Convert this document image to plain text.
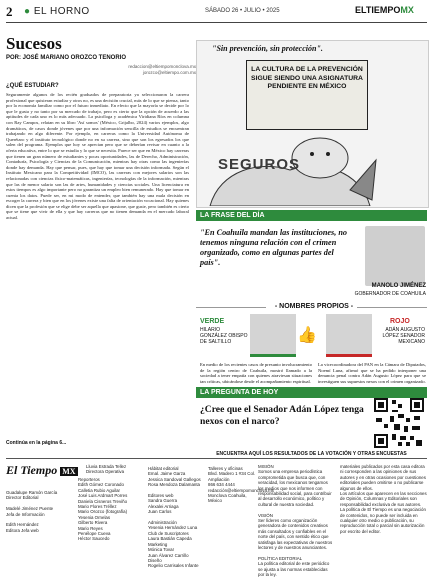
2 ● EL HORNO	SÁBADO 26 • JULIO • 2025	ELTIEMPOMX
Sucesos
POR: JOSÉ MARIANO OROZCO TENORIO
redaccion@eltiempomonclova.mx
jorozco@eltiempo.com.mx
¿QUÉ ESTUDIAR?
Seguramente algunos de los recién graduados de preparatoria ya seleccionaron la carrera profesional que quisieran estudiar y otros no, es una decisión crucial, más de lo que se piensa, tanto por la economía familiar como por el futuro inmediato. En efecto que la mayoría se decide por lo que le gusta y no tanto por su mercado de trabajo, pero es cierto que la opción de acuerdo a las aptitudes de cada uno es lo más adecuado. La psicóloga y académica Viridiana Ríos en columna con Ray Campos, relatan en su libro 'Así somos' (México, Grijalbo, 2024) varios ejemplos, algo dramáticos, de casos donde jóvenes que por una información sencilla de estudios se encuentran trabajando en algo diferente. Por ejemplo, en carreras como la Universidad Autónoma de Querétaro y el instituto tecnológico donde no en su carrera, sino que son los egresados los que salen del programa. Ejemplos que hoy se aprecian pero que se deberían revisar en cuanto a la oferta educativa, entre lo que se estudia y lo que se necesita. Parece ser que en México hay carreras que tienen un gran número de estudiantes y pocas oportunidades, las de Derecho, Administración, Contaduría, Psicología y Ciencias de la Comunicación, mientras hay otras como las ingenierías donde hay demanda. Hay que pensar, pues, que hay que tomar una decisión informada. Según el Instituto Mexicano para la Competitividad (IMCO), las carreras con mejores salarios son las relacionadas con ciencias físico-matemáticas, ingenierías, tecnologías de la información, mientras que las de menor salario son las de artes, humanidades y ciencias sociales. Una licenciatura en estos tiempos es algo importante pero no garantiza un empleo bien remunerado. Hay que tomar en cuenta los datos. Puede ser, en mi modo de entender, que también hay una mala decisión en escoger la carrera y bien que en los jóvenes existe una falta de orientación vocacional. Hay quienes dicen que la profesión que se elige debe ser aquella que apasione, que guste, pero también es cierto que se tiene que vivir de ella y que hay carreras que no tienen demanda en el mercado laboral actual.
Continúa en la página 6...
"Sin prevención, sin protección".
LA CULTURA DE LA PREVENCIÓN SIGUE SIENDO UNA ASIGNATURA PENDIENTE EN MÉXICO
SEGUROS
LA FRASE DEL DÍA
"En Coahuila mandan las instituciones, no tenemos ninguna relación con el crimen organizado, como en algunas partes del país".
MANOLO JIMÉNEZ
GOBERNADOR DE COAHUILA
- NOMBRES PROPIOS -
VERDE
HILARIO GONZÁLEZ OBISPO DE SALTILLO	👍
ROJO
ADÁN AUGUSTO LÓPEZ SENADOR MEXICANO
En medio de los recientes casos de presunto involucramiento de la región centro de Coahuila, mostró llamado a la sociedad a tener empatía con quienes atraviesan situaciones tan críticas, ubicándose desde el acompañamiento espiritual.
La vicecoordinadora del PAN en la Cámara de Diputados, Noemí Luna, afirmó que se ha pedido interponer una denuncia penal contra Adán Augusto López para que se investiguen sus supuestos nexos con el crimen organizado.
LA PREGUNTA DE HOY
¿Cree que el Senador Adán López tenga nexos con el narco?
ENCUENTRA AQUÍ LOS RESULTADOS DE LA VOTACIÓN Y OTRAS ENCUESTAS
El Tiempo MX
Guadalupe Ramón García
Director Editorial

Madelé Jiménez Puente
Jefa de Información

Edith Hernández
Editora Jefa web
Lluvia Estrada Tellez
Directora Operativa
Reporteros
Edith Gómez Coronado
Calletia Rubio Aguilar
José Luis Ardmart Porres
Daniela Cisneros Treviño
Mario Flores Tréllez
Mario Orozco (fotografía)
Yesenia Ornelas
Gilberto Rivera
Mario Reyes
Penélope Cueva
Héctor Saucedo
Hábitat editorial
Emal. Jaime Garza
Jessica Sandoval Gallegos
Rosa Mendoza Dalamanta

Editores web
Sandra Guerra
Alexalei Arriaga
Juan Carlos

Administración
Yesenia Hernández Luna
Club de Suscriptores
Laura Bastián Capeda
Marketing
Mónica Tovar
Juan Álvarez Carrillo
Diseño
Rogelio Carrisales Infante
Talleres y oficinas
Blvd. Madero 1 #34 Col. Ampliación
866 634 4444
redacción@eltiempomonclova.mx
Monclova Coahuila, México
MISIÓN
Somos una empresa periodística comprometida que busca que, con veracidad, los mexicanos tengamos los medios que nos informen con responsabilidad social, para contribuir al desarrollo económico, político y cultural de nuestra sociedad.

VISIÓN
Ser líderes como organización generadora de contenidos creativos más consultados y confiables en el norte del país, con sentido ético que satisfaga las expectativas de nuestros lectores y de nuestros anunciantes.

POLÍTICA EDITORIAL
La política editorial de este periódico se ajusta a las normas establecidas por la ley.
materiales publicados por esta casa editora ni corresponden a las opiniones de sus autores y en otras ocasiones por cuestiones editoriales pueden omitirse o no publicarse algunos de ellos.
Los artículos que aparecen en las secciones de Opinión, Columnas y Editoriales son responsabilidad exclusiva de sus autores.
La política de El Tiempo es una negociación de contenidos, no puede ser incluida en cualquier otro medio o publicación, su reproducción total o parcial sin autorización por escrito del editor.
